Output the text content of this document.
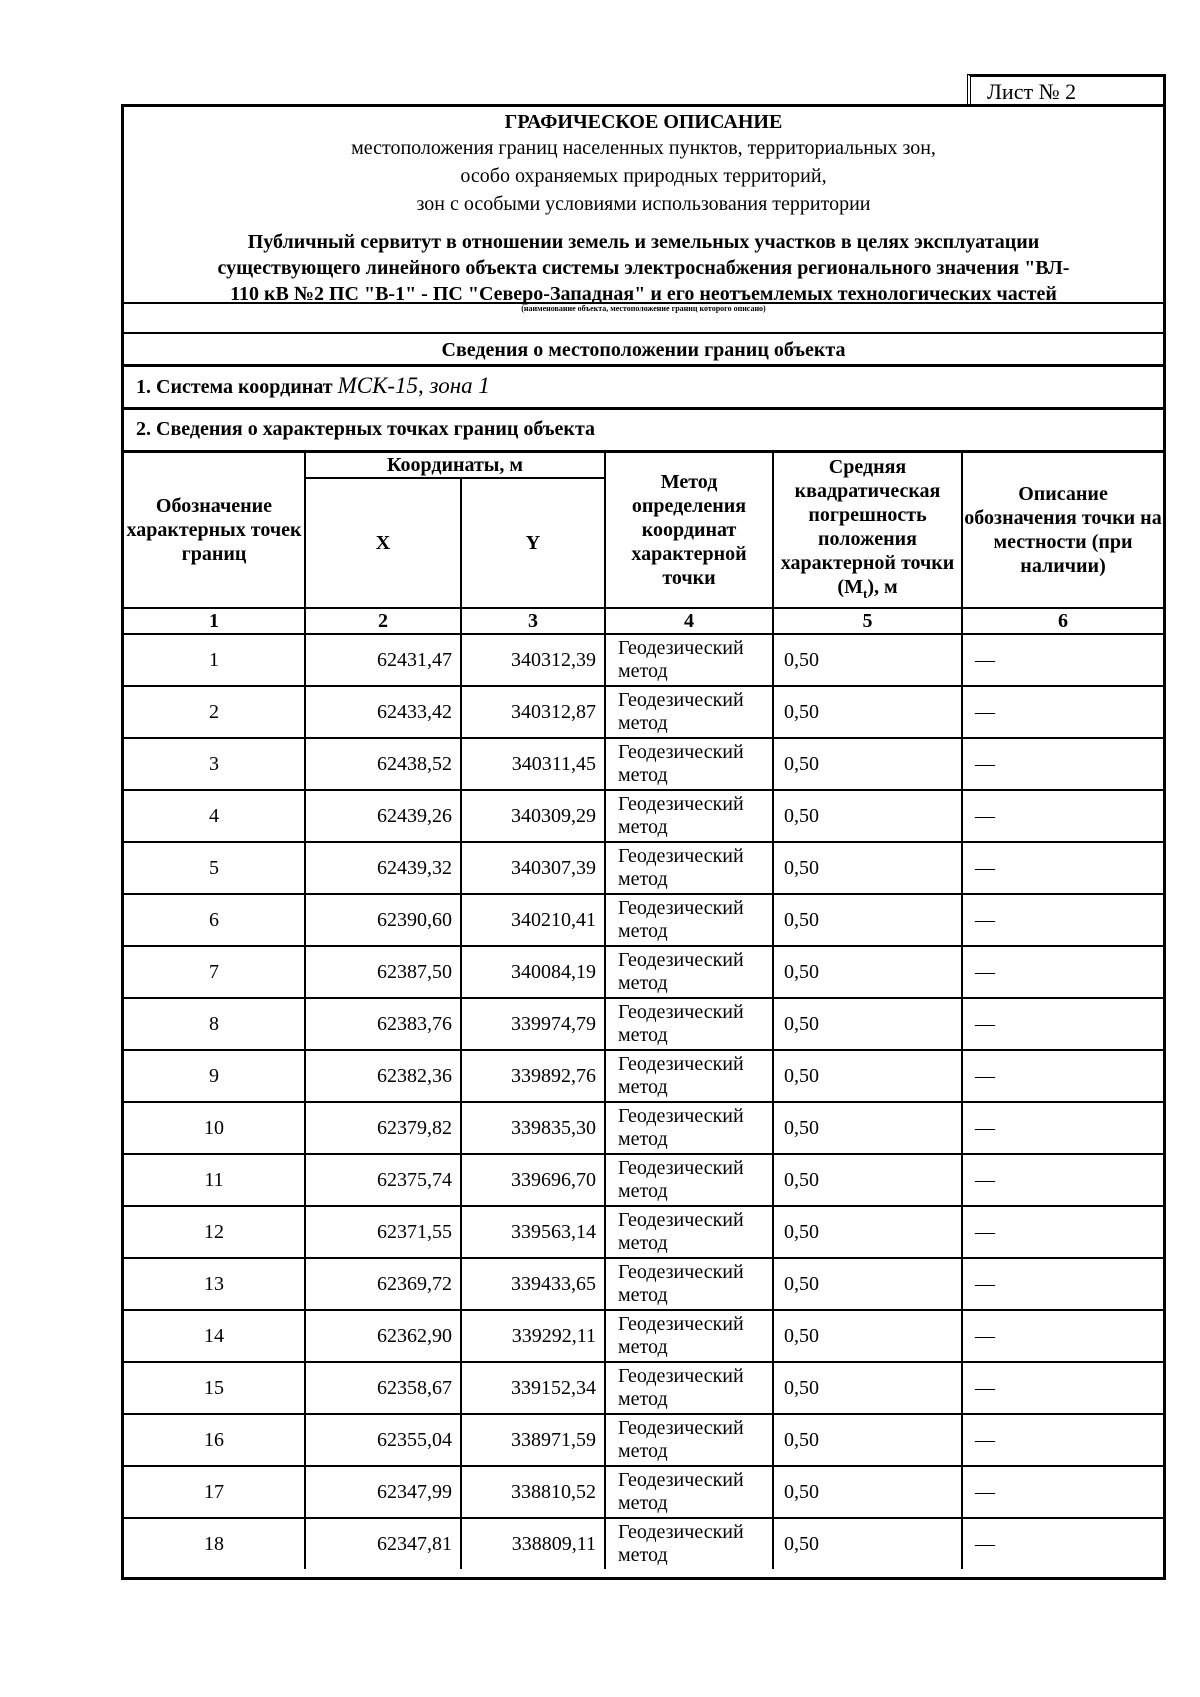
Лист № 2
ГРАФИЧЕСКОЕ ОПИСАНИЕ
местоположения границ населенных пунктов, территориальных зон,
особо охраняемых природных территорий,
зон с особыми условиями использования территории
Публичный сервитут в отношении земель и земельных участков в целях эксплуатации
существующего линейного объекта системы электроснабжения регионального значения "ВЛ-
110 кВ №2 ПС "В-1" - ПС "Северо-Западная" и его неотъемлемых технологических частей
(наименование объекта, местоположение границ которого описано)
Сведения о местоположении границ объекта
1. Система координат МСК-15, зона 1
2. Сведения о характерных точках границ объекта
Обозначение характерных точек границ	Координаты, м		Метод определения координат характерной точки	Средняя квадратическая погрешность положения характерной точки $(M_t)$, м	Описание обозначения точки на местности (при наличии)
	X	Y			
1	2	3	4	5	6
1	62431,47	340312,39	Геодезический метод	0,50	—
2	62433,42	340312,87	Геодезический метод	0,50	—
3	62438,52	340311,45	Геодезический метод	0,50	—
4	62439,26	340309,29	Геодезический метод	0,50	—
5	62439,32	340307,39	Геодезический метод	0,50	—
6	62390,60	340210,41	Геодезический метод	0,50	—
7	62387,50	340084,19	Геодезический метод	0,50	—
8	62383,76	339974,79	Геодезический метод	0,50	—
9	62382,36	339892,76	Геодезический метод	0,50	—
10	62379,82	339835,30	Геодезический метод	0,50	—
11	62375,74	339696,70	Геодезический метод	0,50	—
12	62371,55	339563,14	Геодезический метод	0,50	—
13	62369,72	339433,65	Геодезический метод	0,50	—
14	62362,90	339292,11	Геодезический метод	0,50	—
15	62358,67	339152,34	Геодезический метод	0,50	—
16	62355,04	338971,59	Геодезический метод	0,50	—
17	62347,99	338810,52	Геодезический метод	0,50	—
18	62347,81	338809,11	Геодезический метод	0,50	—
